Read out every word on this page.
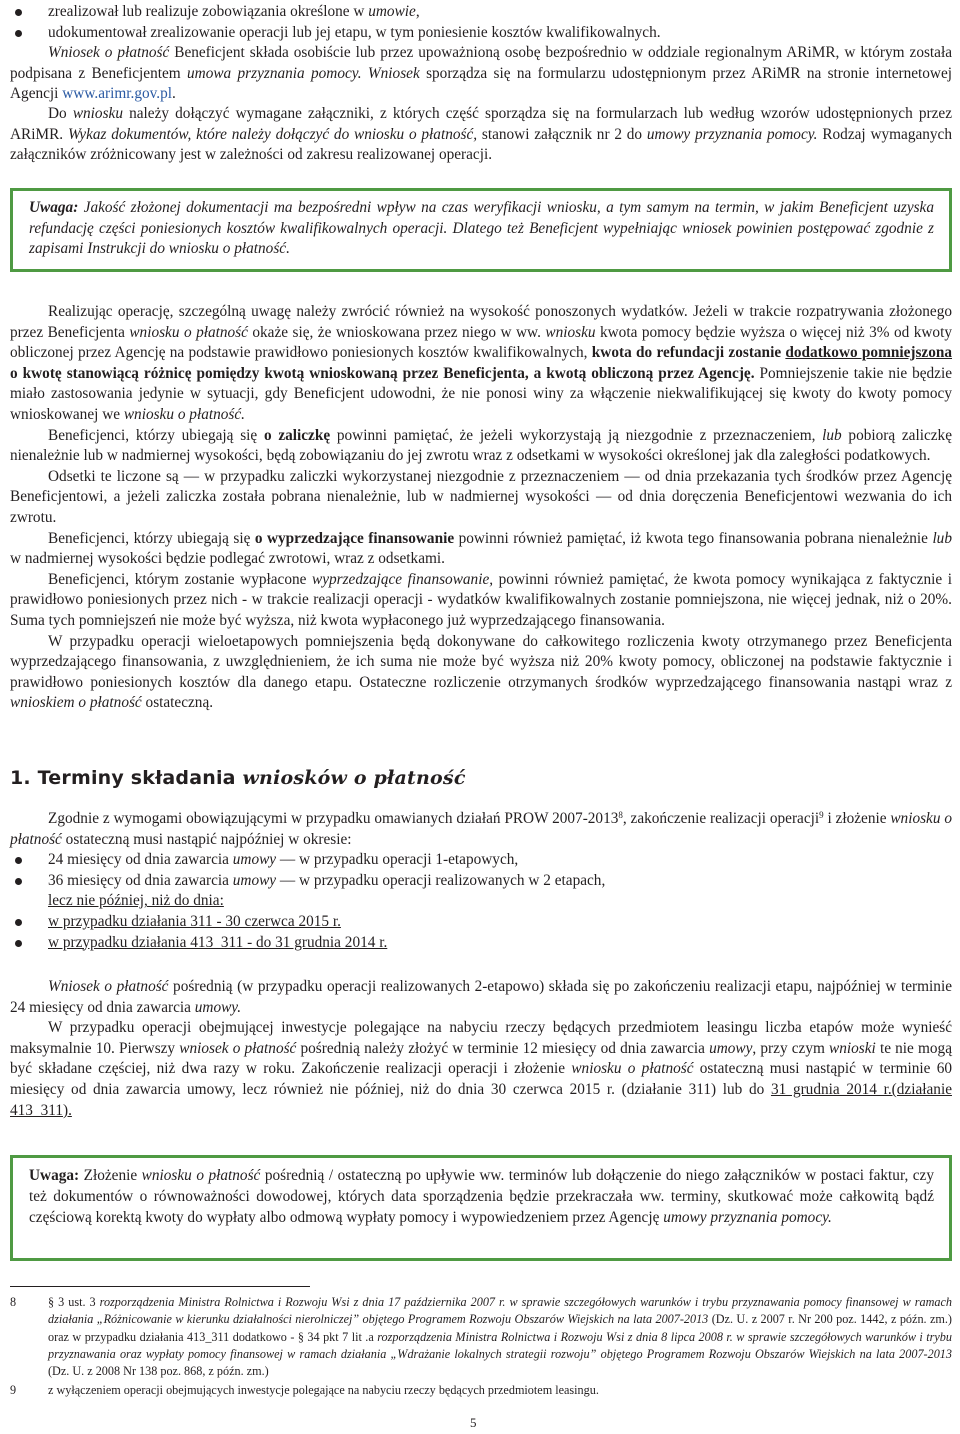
zrealizował lub realizuje zobowiązania określone w umowie,
udokumentował zrealizowanie operacji lub jej etapu, w tym poniesienie kosztów kwalifikowalnych.

Wniosek o płatność Beneficjent składa osobiście lub przez upoważnioną osobę bezpośrednio w oddziale regionalnym ARiMR, w którym została podpisana z Beneficjentem umowa przyznania pomocy. Wniosek sporządza się na formularzu udostępnionym przez ARiMR na stronie internetowej Agencji www.arimr.gov.pl.

Do wniosku należy dołączyć wymagane załączniki, z których część sporządza się na formularzach lub według wzorów udostępnionych przez ARiMR. Wykaz dokumentów, które należy dołączyć do wniosku o płatność, stanowi załącznik nr 2 do umowy przyznania pomocy. Rodzaj wymaganych załączników zróżnicowany jest w zależności od zakresu realizowanej operacji.

Uwaga: Jakość złożonej dokumentacji ma bezpośredni wpływ na czas weryfikacji wniosku, a tym samym na termin, w jakim Beneficjent uzyska refundację części poniesionych kosztów kwalifikowalnych operacji. Dlatego też Beneficjent wypełniając wniosek powinien postępować zgodnie z zapisami Instrukcji do wniosku o płatność.

Realizując operację, szczególną uwagę należy zwrócić również na wysokość ponoszonych wydatków. Jeżeli w trakcie rozpatrywania złożonego przez Beneficjenta wniosku o płatność okaże się, że wnioskowana przez niego w ww. wniosku kwota pomocy będzie wyższa o więcej niż 3% od kwoty obliczonej przez Agencję na podstawie prawidłowo poniesionych kosztów kwalifikowalnych, kwota do refundacji zostanie dodatkowo pomniejszona o kwotę stanowiącą różnicę pomiędzy kwotą wnioskowaną przez Beneficjenta, a kwotą obliczoną przez Agencję. Pomniejszenie takie nie będzie miało zastosowania jedynie w sytuacji, gdy Beneficjent udowodni, że nie ponosi winy za włączenie niekwalifikującej się kwoty do kwoty pomocy wnioskowanej we wniosku o płatność.

Beneficjenci, którzy ubiegają się o zaliczkę powinni pamiętać, że jeżeli wykorzystają ją niezgodnie z przeznaczeniem, lub pobiorą zaliczkę nienależnie lub w nadmiernej wysokości, będą zobowiązaniu do jej zwrotu wraz z odsetkami w wysokości określonej jak dla zaległości podatkowych.

Odsetki te liczone są — w przypadku zaliczki wykorzystanej niezgodnie z przeznaczeniem — od dnia przekazania tych środków przez Agencję Beneficjentowi, a jeżeli zaliczka została pobrana nienależnie, lub w nadmiernej wysokości — od dnia doręczenia Beneficjentowi wezwania do ich zwrotu.

Beneficjenci, którzy ubiegają się o wyprzedzające finansowanie powinni również pamiętać, iż kwota tego finansowania pobrana nienależnie lub w nadmiernej wysokości będzie podlegać zwrotowi, wraz z odsetkami.

Beneficjenci, którym zostanie wypłacone wyprzedzające finansowanie, powinni również pamiętać, że kwota pomocy wynikająca z faktycznie i prawidłowo poniesionych przez nich - w trakcie realizacji operacji - wydatków kwalifikowalnych zostanie pomniejszona, nie więcej jednak, niż o 20%. Suma tych pomniejszeń nie może być wyższa, niż kwota wypłaconego już wyprzedzającego finansowania.

W przypadku operacji wieloetapowych pomniejszenia będą dokonywane do całkowitego rozliczenia kwoty otrzymanego przez Beneficjenta wyprzedzającego finansowania, z uwzględnieniem, że ich suma nie może być wyższa niż 20% kwoty pomocy, obliczonej na podstawie faktycznie i prawidłowo poniesionych kosztów dla danego etapu. Ostateczne rozliczenie otrzymanych środków wyprzedzającego finansowania nastąpi wraz z wnioskiem o płatność ostateczną.

1. Terminy składania wniosków o płatność

Zgodnie z wymogami obowiązującymi w przypadku omawianych działań PROW 2007-2013$^8$, zakończenie realizacji operacji$^9$ i złożenie wniosku o płatność ostateczną musi nastąpić najpóźniej w okresie:

24 miesięcy od dnia zawarcia umowy — w przypadku operacji 1-etapowych,
36 miesięcy od dnia zawarcia umowy — w przypadku operacji realizowanych w 2 etapach,
lecz nie później, niż do dnia:
w przypadku działania 311 - 30 czerwca 2015 r.
w przypadku działania 413_311 - do 31 grudnia 2014 r.

Wniosek o płatność pośrednią (w przypadku operacji realizowanych 2-etapowo) składa się po zakończeniu realizacji etapu, najpóźniej w terminie 24 miesięcy od dnia zawarcia umowy.

W przypadku operacji obejmującej inwestycje polegające na nabyciu rzeczy będących przedmiotem leasingu liczba etapów może wynieść maksymalnie 10. Pierwszy wniosek o płatność pośrednią należy złożyć w terminie 12 miesięcy od dnia zawarcia umowy, przy czym wnioski te nie mogą być składane częściej, niż dwa razy w roku. Zakończenie realizacji operacji i złożenie wniosku o płatność ostateczną musi nastąpić w terminie 60 miesięcy od dnia zawarcia umowy, lecz również nie później, niż do dnia 30 czerwca 2015 r. (działanie 311) lub do 31 grudnia 2014 r.(działanie 413_311).

Uwaga: Złożenie wniosku o płatność pośrednią / ostateczną po upływie ww. terminów lub dołączenie do niego załączników w postaci faktur, czy też dokumentów o równoważności dowodowej, których data sporządzenia będzie przekraczała ww. terminy, skutkować może całkowitą bądź częściową korektą kwoty do wypłaty albo odmową wypłaty pomocy i wypowiedzeniem przez Agencję umowy przyznania pomocy.

8	§ 3 ust. 3 rozporządzenia Ministra Rolnictwa i Rozwoju Wsi z dnia 17 października 2007 r. w sprawie szczegółowych warunków i trybu przyznawania pomocy finansowej w ramach działania „Różnicowanie w kierunku działalności nierolniczej” objętego Programem Rozwoju Obszarów Wiejskich na lata 2007-2013 (Dz. U. z 2007 r. Nr 200 poz. 1442, z późn. zm.) oraz w przypadku działania 413_311 dodatkowo - § 34 pkt 7 lit .a rozporządzenia Ministra Rolnictwa i Rozwoju Wsi z dnia 8 lipca 2008 r. w sprawie szczegółowych warunków i trybu przyznawania oraz wypłaty pomocy finansowej w ramach działania „Wdrażanie lokalnych strategii rozwoju” objętego Programem Rozwoju Obszarów Wiejskich na lata 2007-2013 (Dz. U. z 2008 Nr 138 poz. 868, z późn. zm.)

9	z wyłączeniem operacji obejmujących inwestycje polegające na nabyciu rzeczy będących przedmiotem leasingu.

5
